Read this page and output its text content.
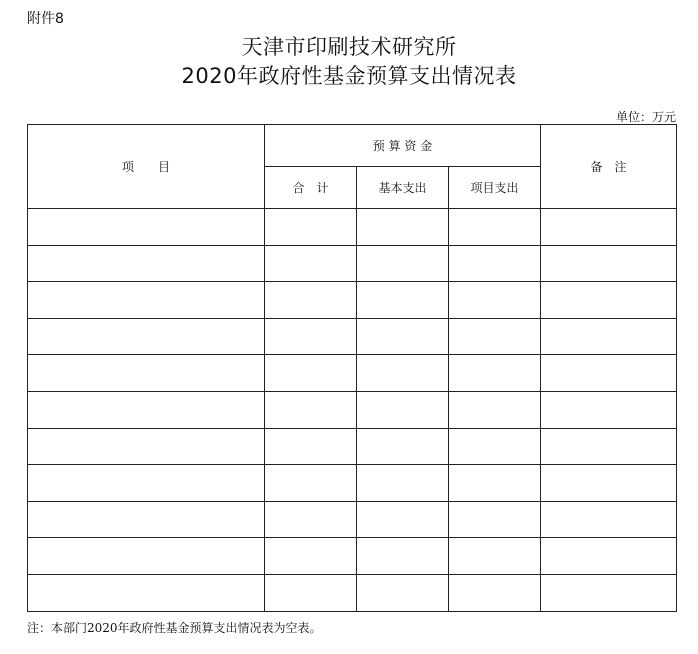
附件8
天津市印刷技术研究所
2020年政府性基金预算支出情况表
单位：万元
项　　目	预 算 资 金			备　注
	合　计	基本支出	项目支出	

注：本部门2020年政府性基金预算支出情况表为空表。
